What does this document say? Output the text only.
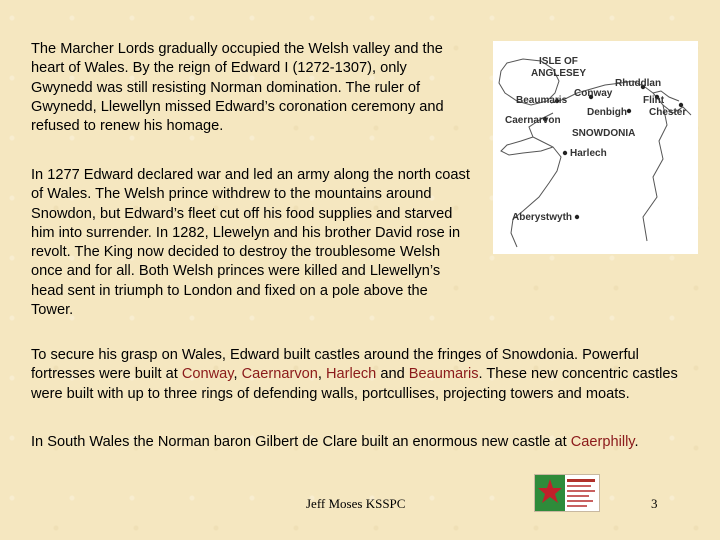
The Marcher Lords gradually occupied the Welsh valley and the heart of Wales. By the reign of Edward I (1272-1307), only Gwynedd was still resisting Norman domination. The ruler of Gwynedd, Llewellyn missed Edward’s coronation ceremony and refused to renew his homage.
In 1277 Edward declared war and led an army along the north coast of Wales. The Welsh prince withdrew to the mountains around Snowdon, but Edward’s fleet cut off his food supplies and starved him into surrender. In 1282, Llewelyn and his brother David rose in revolt. The King now decided to destroy the troublesome Welsh once and for all. Both Welsh princes were killed and Llewellyn’s head sent in triumph to London and fixed on a pole above the Tower.
To secure his grasp on Wales, Edward built castles around the fringes of Snowdonia. Powerful fortresses were built at Conway, Caernarvon, Harlech and Beaumaris. These new concentric castles were built with up to three rings of defending walls, portcullises, projecting towers and moats.
In South Wales the Norman baron Gilbert de Clare built an enormous new castle at Caerphilly.
ISLE OF
ANGLESEY
Rhuddlan
Conway
Beaumaris	Flint
Denbigh Chester
Caernarvon
SNOWDONIA
Harlech
Aberystwyth
Jeff Moses KSSPC	3
